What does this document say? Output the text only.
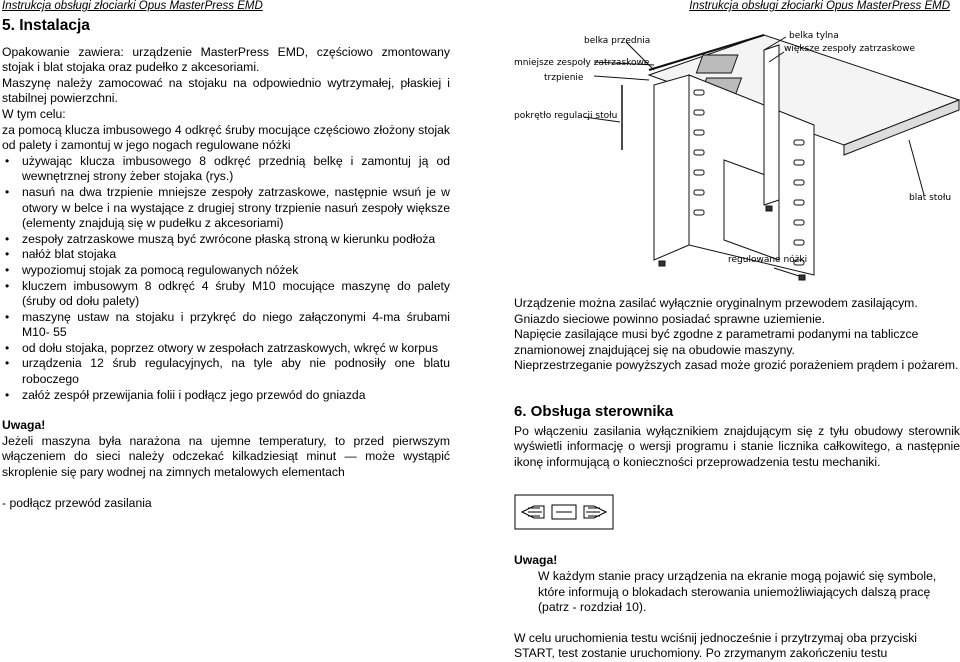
Instrukcja obsługi złociarki Opus MasterPress EMD	Instrukcja obsługi złociarki Opus MasterPress EMD
5. Instalacja

Opakowanie zawiera: urządzenie MasterPress EMD, częściowo zmontowany stojak i blat stojaka oraz pudełko z akcesoriami.

Maszynę należy zamocować na stojaku na odpowiednio wytrzymałej, płaskiej i stabilnej powierzchni.

W tym celu:

za pomocą klucza imbusowego 4 odkręć śruby mocujące częściowo złożony stojak od palety i zamontuj w jego nogach regulowane nóżki

• używając klucza imbusowego 8 odkręć przednią belkę i zamontuj ją od wewnętrznej strony żeber stojaka (rys.)
• nasuń na dwa trzpienie mniejsze zespoły zatrzaskowe, następnie wsuń je w otwory w belce i na wystające z drugiej strony trzpienie nasuń zespoły większe (elementy znajdują się w pudełku z akcesoriami)
• zespoły zatrzaskowe muszą być zwrócone płaską stroną w kierunku podłoża
• nałóż blat stojaka
• wypoziomuj stojak za pomocą regulowanych nóżek
• kluczem imbusowym 8 odkręć 4 śruby M10 mocujące maszynę do palety (śruby od dołu palety)
• maszynę ustaw na stojaku i przykręć do niego załączonymi 4-ma śrubami M10- 55
• od dołu stojaka, poprzez otwory w zespołach zatrzaskowych, wkręć w korpus
• urządzenia 12 śrub regulacyjnych, na tyle aby nie podnosiły one blatu roboczego
• załóż zespół przewijania folii i podłącz jego przewód do gniazda

Uwaga!

Jeżeli maszyna była narażona na ujemne temperatury, to przed pierwszym włączeniem do sieci należy odczekać kilkadziesiąt minut — może wystąpić skroplenie się pary wodnej na zimnych metalowych elementach

- podłącz przewód zasilania

belka przednia	belka tylna
mniejsze zespoły zatrzaskowe
trzpienie
większe zespoły zatrzaskowe
pokrętło regulacji stołu
blat stołu
regulowane nóżki

Urządzenie można zasilać wyłącznie oryginalnym przewodem zasilającym.

Gniazdo sieciowe powinno posiadać sprawne uziemienie.

Napięcie zasilające musi być zgodne z parametrami podanymi na tabliczce znamionowej znajdującej się na obudowie maszyny.

Nieprzestrzeganie powyższych zasad może grozić porażeniem prądem i pożarem.

6. Obsługa sterownika

Po włączeniu zasilania wyłącznikiem znajdującym się z tyłu obudowy sterownik wyświetli informację o wersji programu i stanie licznika całkowitego, a następnie ikonę informującą o konieczności przeprowadzenia testu mechaniki.

Uwaga!

W każdym stanie pracy urządzenia na ekranie mogą pojawić się symbole, które informują o blokadach sterowania uniemożliwiających dalszą pracę (patrz - rozdział 10).

W celu uruchomienia testu wciśnij jednocześnie i przytrzymaj oba przyciski START, test zostanie uruchomiony. Po zrzymanym zakończeniu testu
